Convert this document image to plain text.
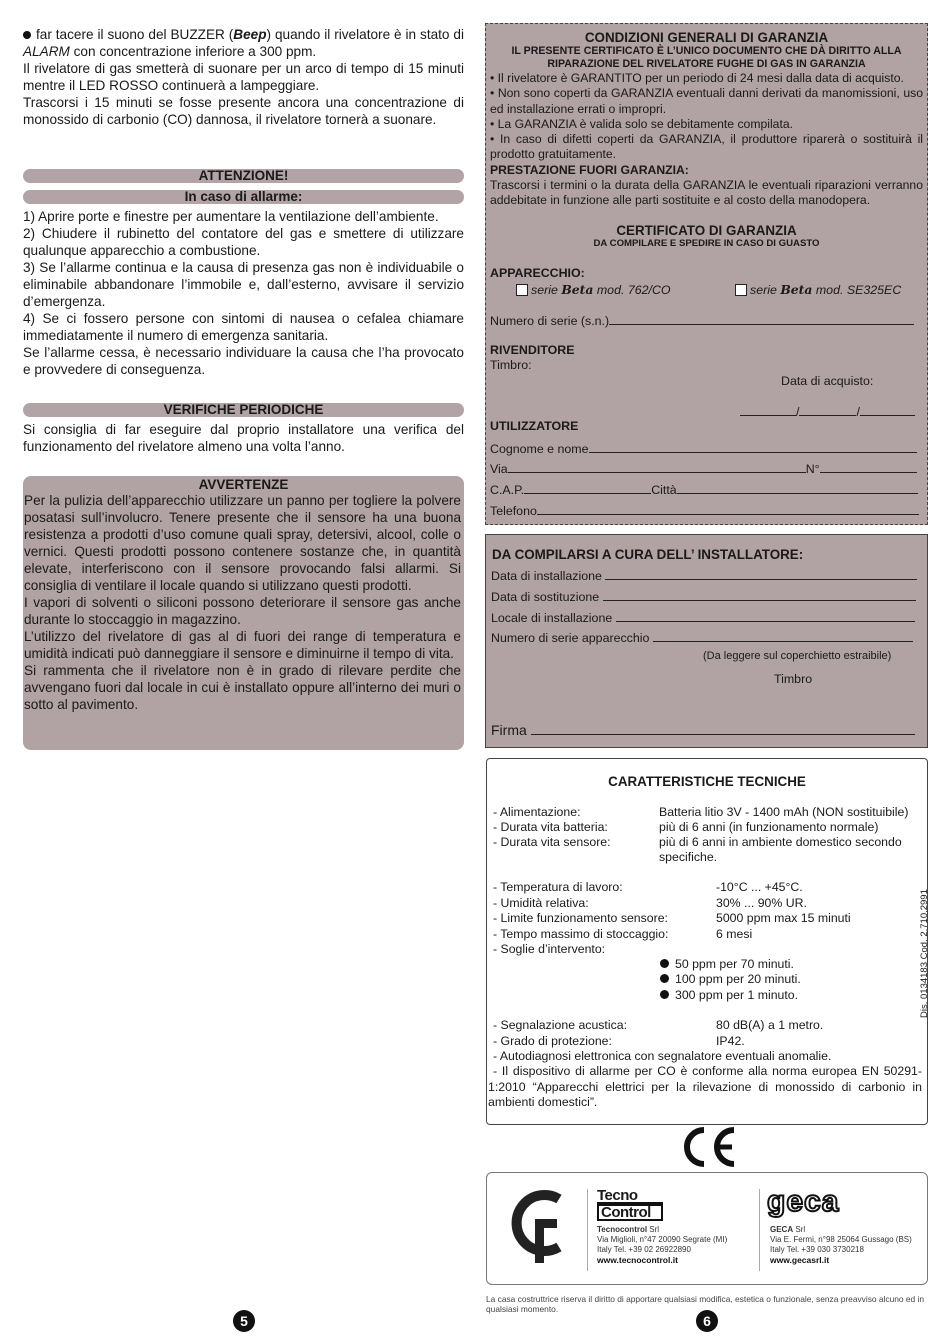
far tacere il suono del BUZZER (Beep) quando il rivelatore è in stato di ALARM con concentrazione inferiore a 300 ppm.
Il rivelatore di gas smetterà di suonare per un arco di tempo di 15 minuti mentre il LED ROSSO continuerà a lampeggiare.
Trascorsi i 15 minuti se fosse presente ancora una concentrazione di monossido di carbonio (CO) dannosa, il rivelatore tornerà a suonare.
ATTENZIONE!
In caso di allarme:
1) Aprire porte e finestre per aumentare la ventilazione dell’ambiente.
2) Chiudere il rubinetto del contatore del gas e smettere di utilizzare qualunque apparecchio a combustione.
3) Se l’allarme continua e la causa di presenza gas non è individuabile o eliminabile abbandonare l’immobile e, dall’esterno, avvisare il servizio d’emergenza.
4) Se ci fossero persone con sintomi di nausea o cefalea chiamare immediatamente il numero di emergenza sanitaria.
Se l’allarme cessa, è necessario individuare la causa che l’ha provocato e provvedere di conseguenza.
VERIFICHE PERIODICHE
Si consiglia di far eseguire dal proprio installatore una verifica del funzionamento del rivelatore almeno una volta l’anno.
AVVERTENZE
Per la pulizia dell’apparecchio utilizzare un panno per togliere la polvere posatasi sull’involucro. Tenere presente che il sensore ha una buona resistenza a prodotti d’uso comune quali spray, detersivi, alcool, colle o vernici. Questi prodotti possono contenere sostanze che, in quantità elevate, interferiscono con il sensore provocando falsi allarmi. Si consiglia di ventilare il locale quando si utilizzano questi prodotti.
I vapori di solventi o siliconi possono deteriorare il sensore gas anche durante lo stoccaggio in magazzino.
L’utilizzo del rivelatore di gas al di fuori dei range di temperatura e umidità indicati può danneggiare il sensore e diminuirne il tempo di vita.
Si rammenta che il rivelatore non è in grado di rilevare perdite che avvengano fuori dal locale in cui è installato oppure all’interno dei muri o sotto al pavimento.
5
CONDIZIONI GENERALI DI GARANZIA
IL PRESENTE CERTIFICATO È L’UNICO DOCUMENTO CHE DÀ DIRITTO ALLA RIPARAZIONE DEL RIVELATORE FUGHE DI GAS IN GARANZIA
• Il rivelatore è GARANTITO per un periodo di 24 mesi dalla data di acquisto.
• Non sono coperti da GARANZIA eventuali danni derivati da manomissioni, uso ed installazione errati o impropri.
• La GARANZIA è valida solo se debitamente compilata.
• In caso di difetti coperti da GARANZIA, il produttore riparerà o sostituirà il prodotto gratuitamente.
PRESTAZIONE FUORI GARANZIA:
Trascorsi i termini o la durata della GARANZIA le eventuali riparazioni verranno addebitate in funzione alle parti sostituite e al costo della manodopera.
CERTIFICATO DI GARANZIA
DA COMPILARE E SPEDIRE IN CASO DI GUASTO
APPARECCHIO:
serie Beta mod. 762/CO	serie Beta mod. SE325EC
Numero di serie (s.n.)
RIVENDITORE
Timbro:
Data di acquisto:
/	/
UTILIZZATORE
Cognome e nome
Via	N°
C.A.P.	Città
Telefono
DA COMPILARSI A CURA DELL’ INSTALLATORE:
Data di installazione
Data di sostituzione
Locale di installazione
Numero di serie apparecchio
(Da leggere sul coperchietto estraibile)
Timbro
Firma
CARATTERISTICHE TECNICHE
- Alimentazione:	Batteria litio 3V - 1400 mAh (NON sostituibile)
- Durata vita batteria:	più di 6 anni (in funzionamento normale)
- Durata vita sensore:	più di 6 anni in ambiente domestico secondo
specifiche.
- Temperatura di lavoro:	-10°C ... +45°C.
- Umidità relativa:	30% ... 90% UR.
- Limite funzionamento sensore:	5000 ppm max 15 minuti
- Tempo massimo di stoccaggio:	6 mesi
- Soglie d’intervento:
50 ppm per 70 minuti.
100 ppm per 20 minuti.
300 ppm per 1 minuto.
- Segnalazione acustica:	80 dB(A) a 1 metro.
- Grado di protezione:	IP42.
- Autodiagnosi elettronica con segnalatore eventuali anomalie.
- Il dispositivo di allarme per CO è conforme alla norma europea EN 50291-1:2010 “Apparecchi elettrici per la rilevazione di monossido di carbonio in ambienti domestici”.
Dis. 0134183 Cod. 2.710.2991
Tecno
Control
Tecnocontrol Srl
Via Miglioli, n°47 20090 Segrate (MI)
Italy Tel. +39 02 26922890
www.tecnocontrol.it
geca
GECA Srl
Via E. Fermi, n°98 25064 Gussago (BS)
Italy Tel. +39 030 3730218
www.gecasrl.it
La casa costruttrice riserva il diritto di apportare qualsiasi modifica, estetica o funzionale, senza preavviso alcuno ed in qualsiasi momento.
6
